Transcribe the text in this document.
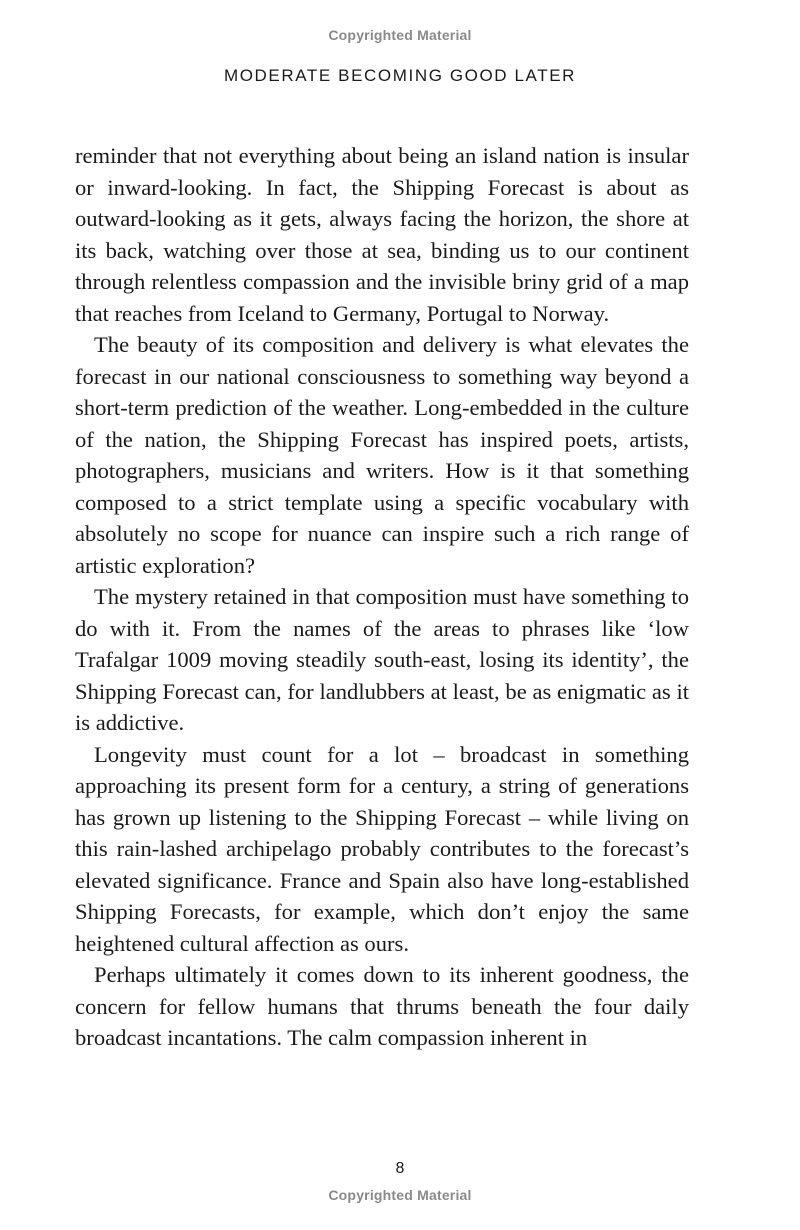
Copyrighted Material
MODERATE BECOMING GOOD LATER

reminder that not everything about being an island nation is insular or inward-looking. In fact, the Shipping Forecast is about as outward-looking as it gets, always facing the horizon, the shore at its back, watching over those at sea, binding us to our continent through relentless compassion and the invisible briny grid of a map that reaches from Iceland to Germany, Portugal to Norway.

The beauty of its composition and delivery is what elevates the forecast in our national consciousness to something way beyond a short-term prediction of the weather. Long-embedded in the culture of the nation, the Shipping Forecast has inspired poets, artists, photographers, musicians and writers. How is it that something composed to a strict template using a specific vocabulary with absolutely no scope for nuance can inspire such a rich range of artistic exploration?

The mystery retained in that composition must have something to do with it. From the names of the areas to phrases like ‘low Trafalgar 1009 moving steadily south-east, losing its identity’, the Shipping Forecast can, for landlubbers at least, be as enigmatic as it is addictive.

Longevity must count for a lot – broadcast in something approaching its present form for a century, a string of generations has grown up listening to the Shipping Forecast – while living on this rain-lashed archipelago probably contributes to the forecast’s elevated significance. France and Spain also have long-established Shipping Forecasts, for example, which don’t enjoy the same heightened cultural affection as ours.

Perhaps ultimately it comes down to its inherent goodness, the concern for fellow humans that thrums beneath the four daily broadcast incantations. The calm compassion inherent in

8
Copyrighted Material
